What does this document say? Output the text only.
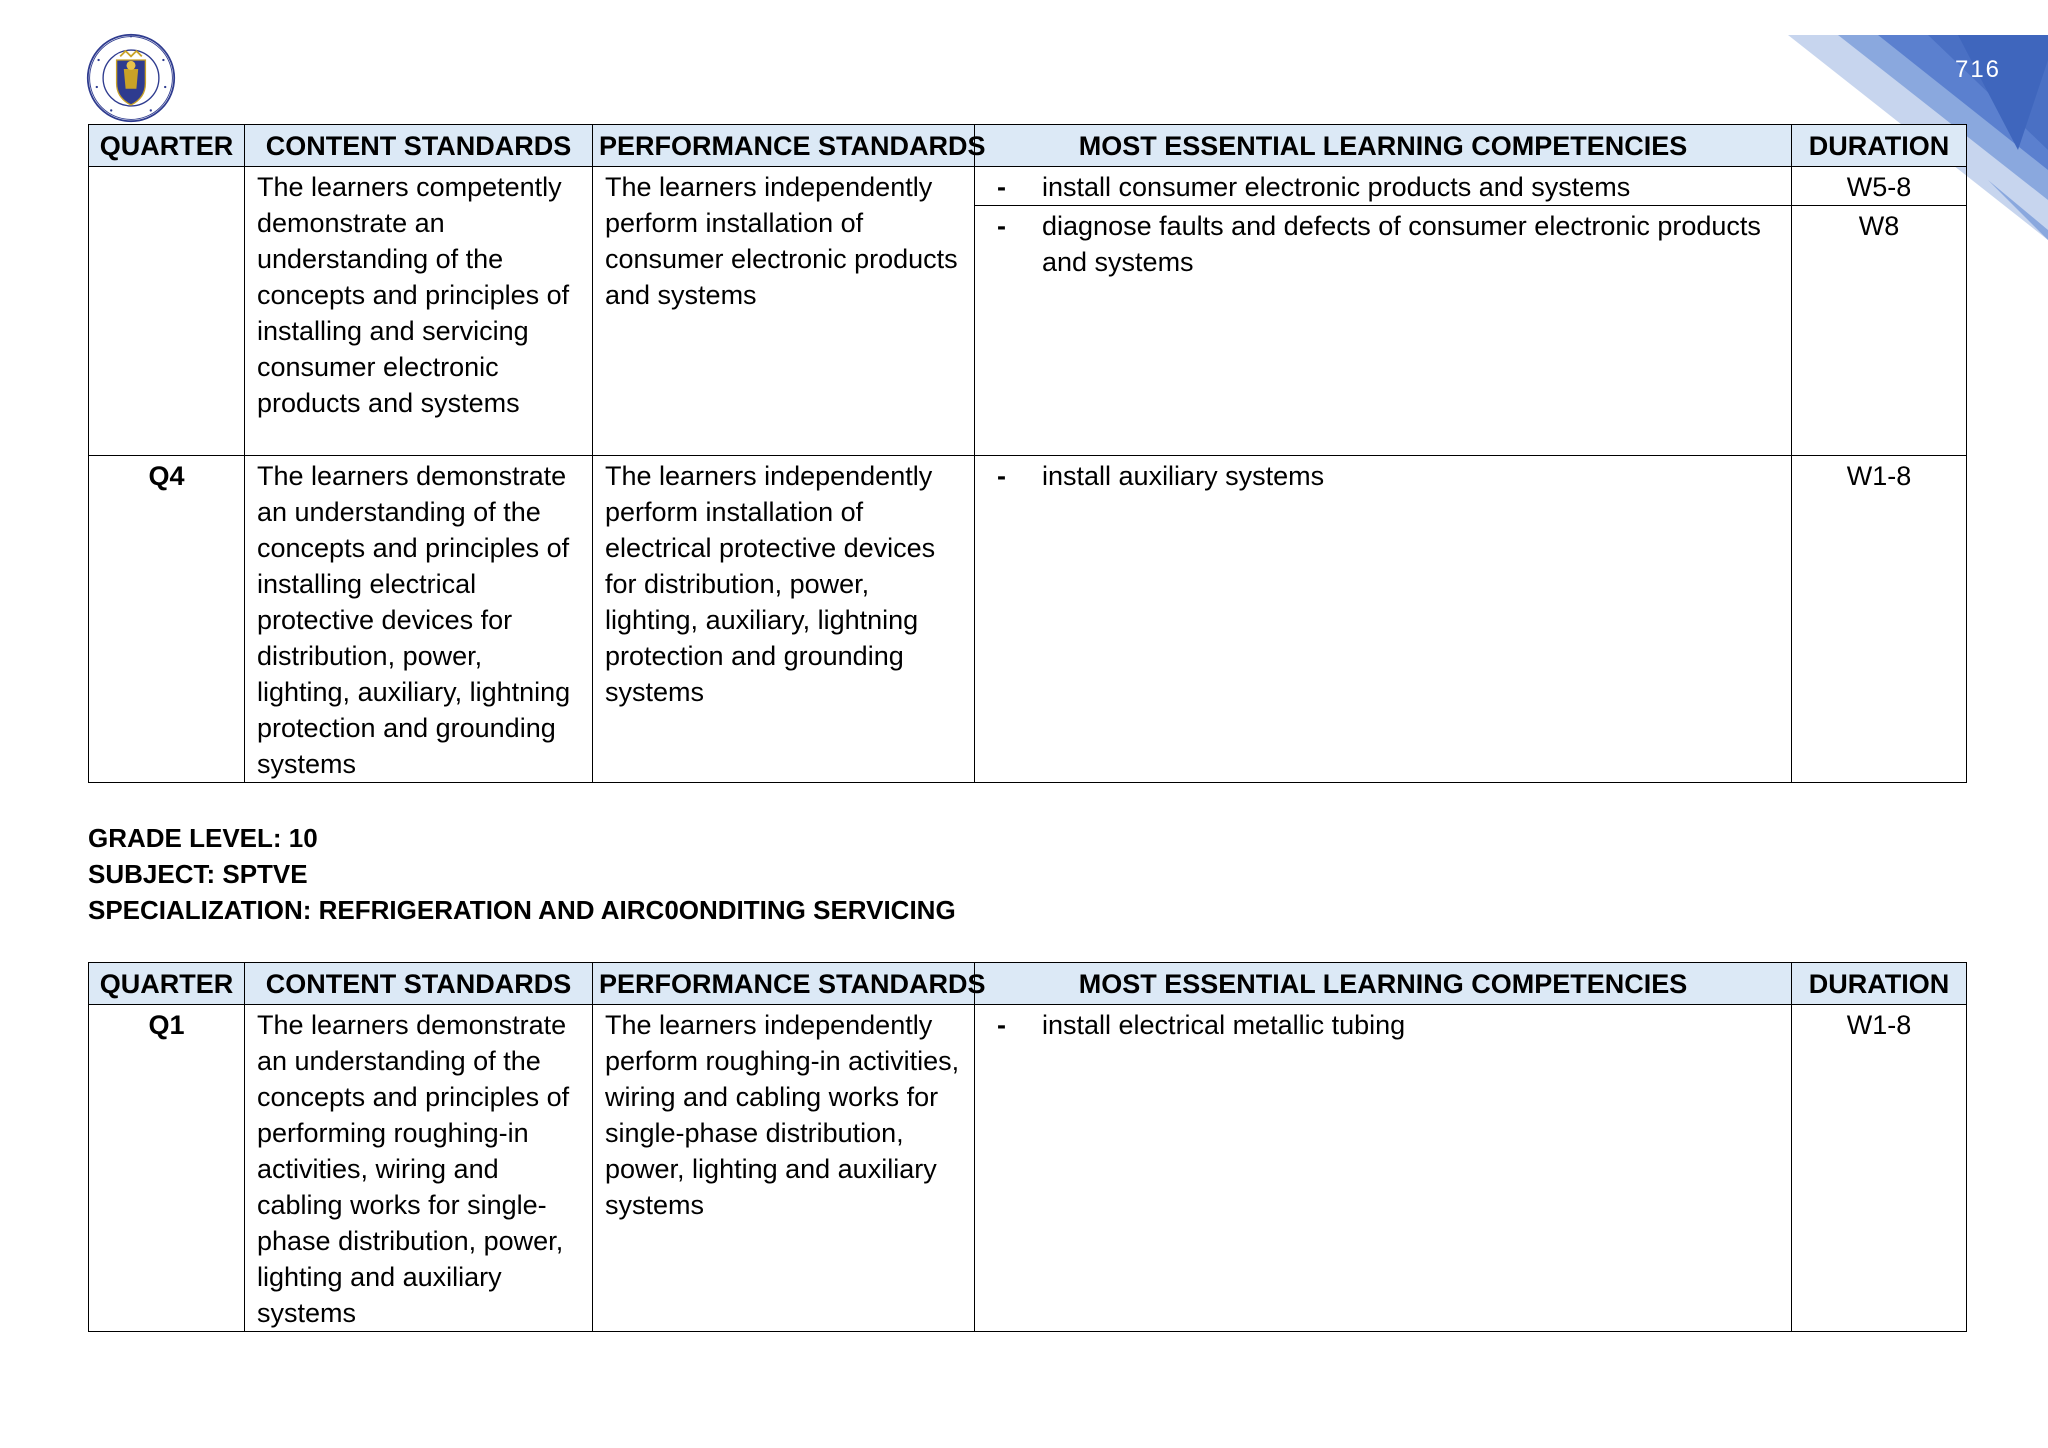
716
QUARTER	CONTENT STANDARDS	PERFORMANCE STANDARDS	MOST ESSENTIAL LEARNING COMPETENCIES	DURATION
	The learners competently demonstrate an understanding of the concepts and principles of installing and servicing consumer electronic products and systems	The learners independently perform installation of consumer electronic products and systems	- install consumer electronic products and systems	W5-8

			- diagnose faults and defects of consumer electronic products and systems	W8
Q4	The learners demonstrate an understanding of the concepts and principles of installing electrical protective devices for distribution, power, lighting, auxiliary, lightning protection and grounding systems	The learners independently perform installation of electrical protective devices for distribution, power, lighting, auxiliary, lightning protection and grounding systems	- install auxiliary systems	W1-8
GRADE LEVEL: 10
SUBJECT: SPTVE
SPECIALIZATION: REFRIGERATION AND AIRC0ONDITING SERVICING
QUARTER	CONTENT STANDARDS	PERFORMANCE STANDARDS	MOST ESSENTIAL LEARNING COMPETENCIES	DURATION
Q1	The learners demonstrate an understanding of the concepts and principles of performing roughing-in activities, wiring and cabling works for single-phase distribution, power, lighting and auxiliary systems	The learners independently perform roughing-in activities, wiring and cabling works for single-phase distribution, power, lighting and auxiliary systems	- install electrical metallic tubing	W1-8
